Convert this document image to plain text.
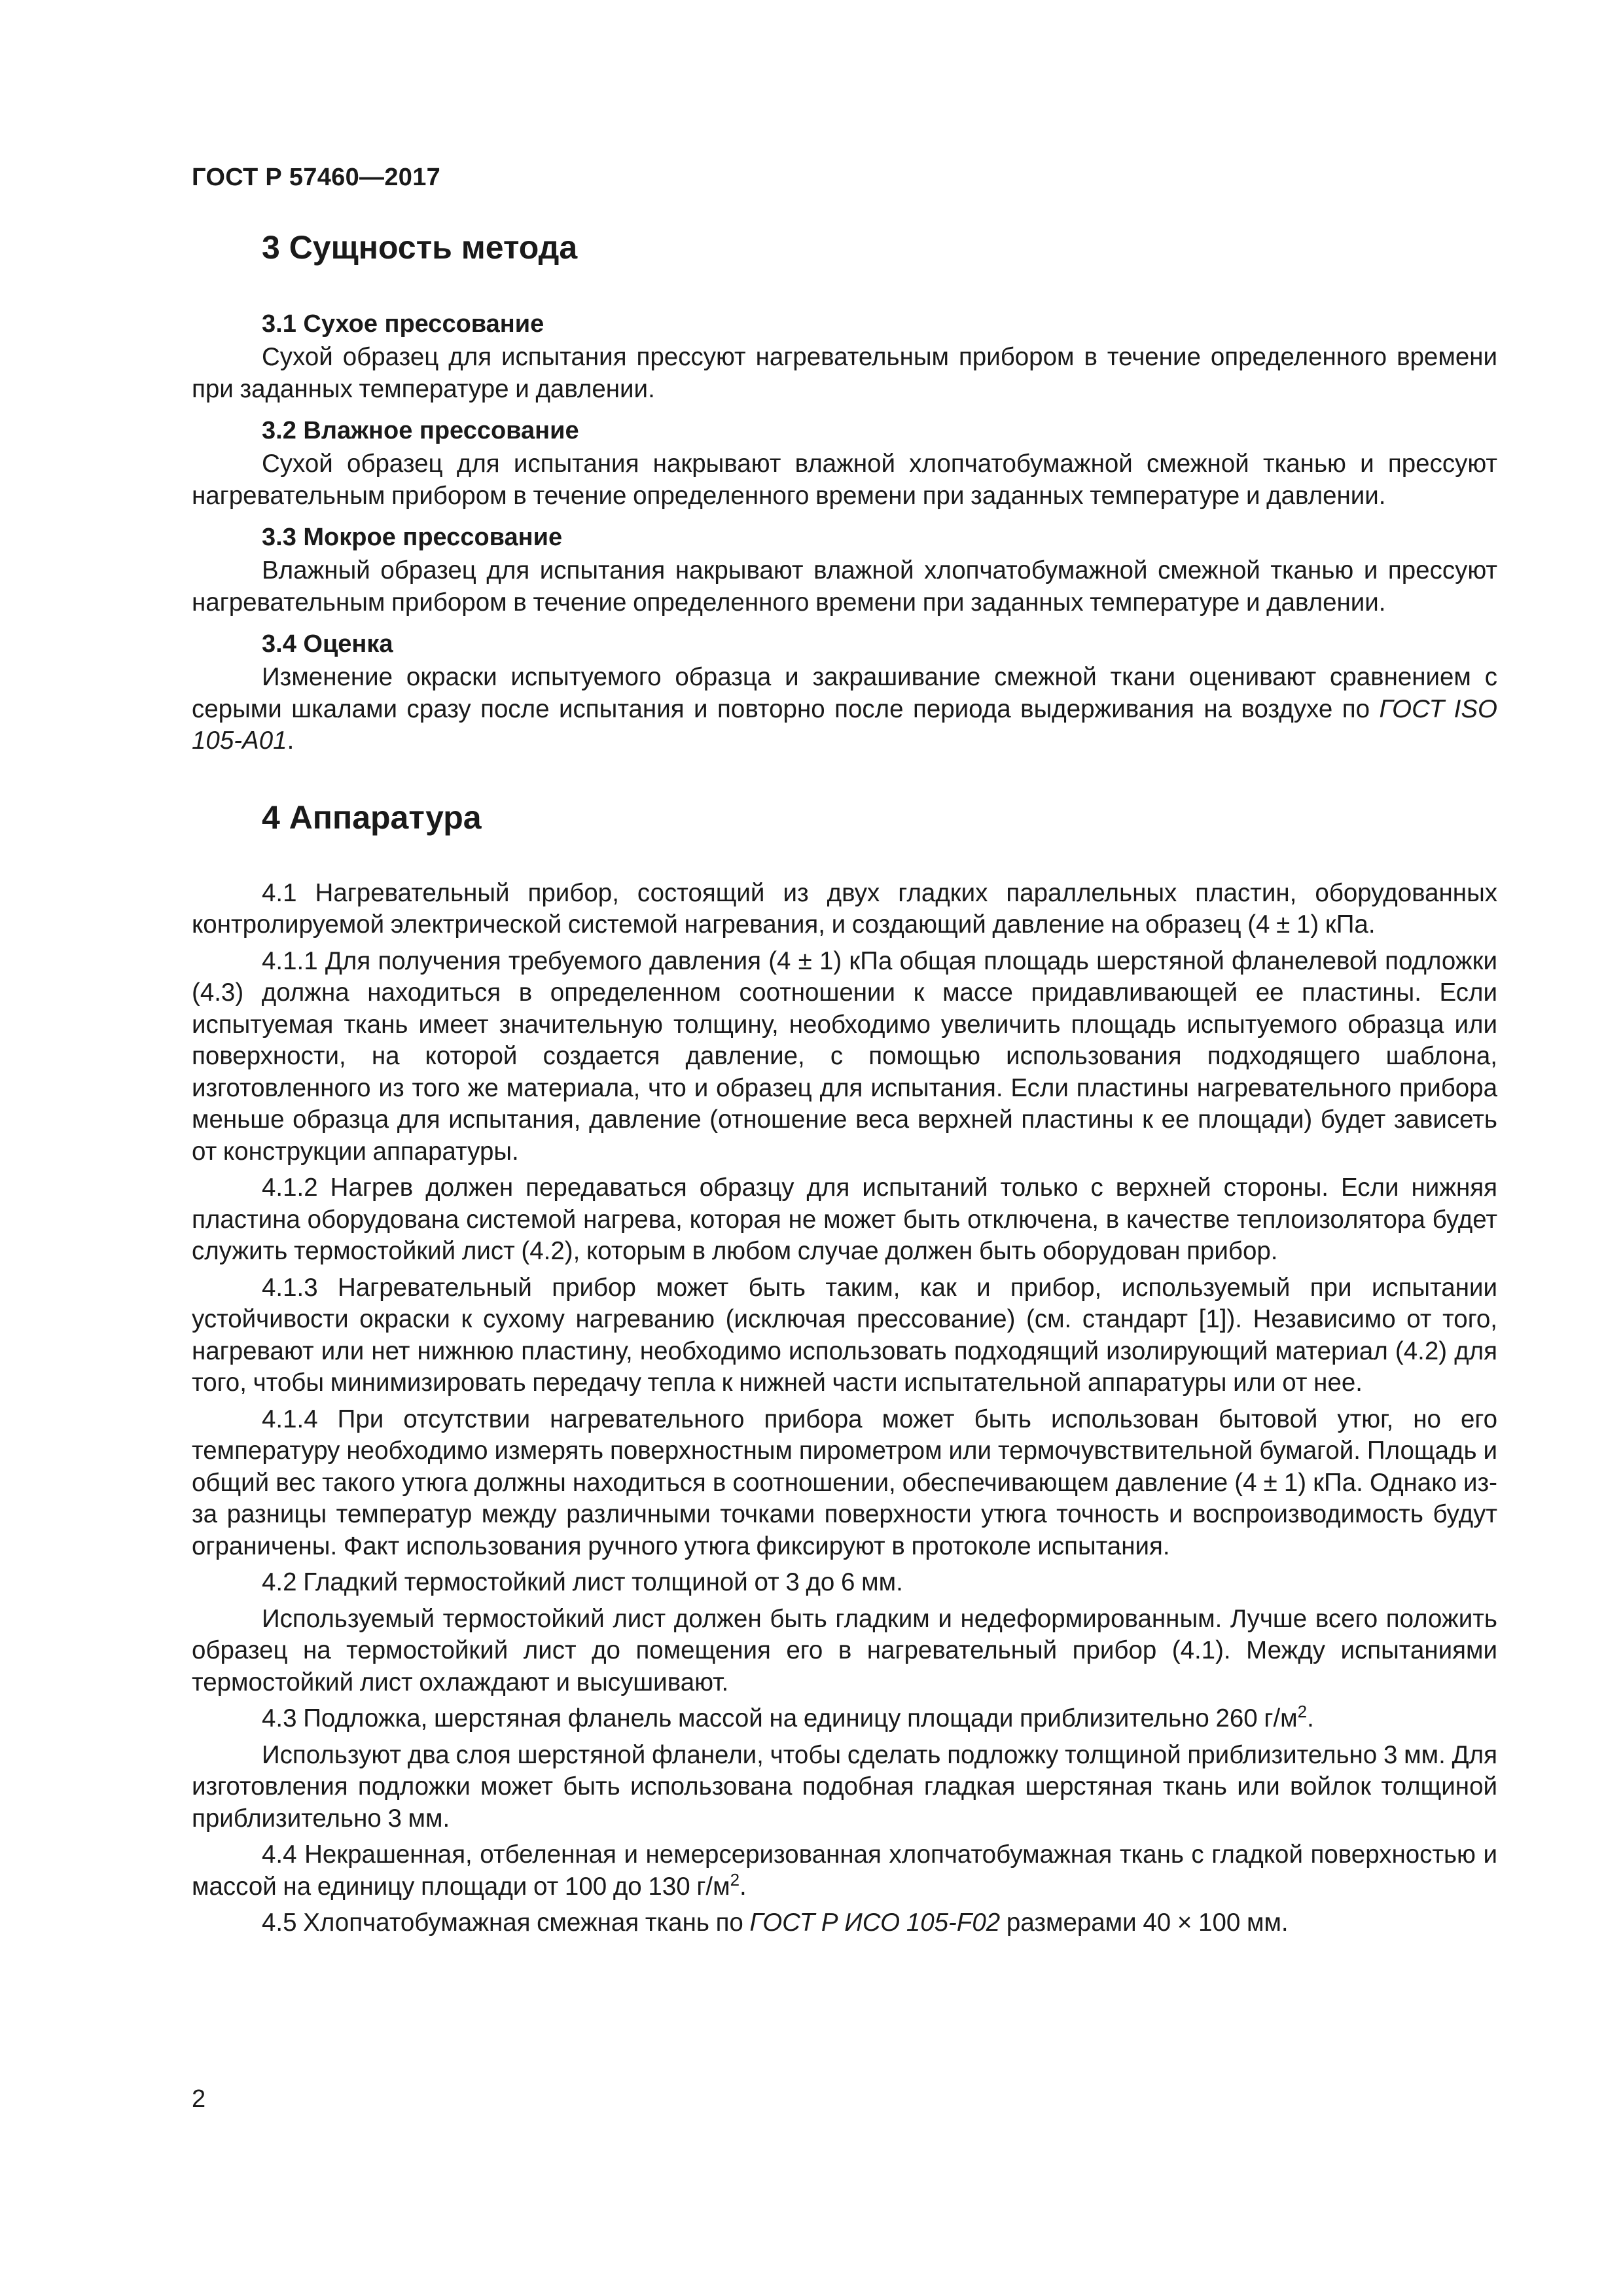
ГОСТ Р 57460—2017
3 Сущность метода
3.1 Сухое прессование

Сухой образец для испытания прессуют нагревательным прибором в течение определенного времени при заданных температуре и давлении.

3.2 Влажное прессование

Сухой образец для испытания накрывают влажной хлопчатобумажной смежной тканью и прессуют нагревательным прибором в течение определенного времени при заданных температуре и давлении.

3.3 Мокрое прессование

Влажный образец для испытания накрывают влажной хлопчатобумажной смежной тканью и прессуют нагревательным прибором в течение определенного времени при заданных температуре и давлении.

3.4 Оценка

Изменение окраски испытуемого образца и закрашивание смежной ткани оценивают сравнением с серыми шкалами сразу после испытания и повторно после периода выдерживания на воздухе по ГОСТ ISO 105-A01.

4 Аппаратура

4.1 Нагревательный прибор, состоящий из двух гладких параллельных пластин, оборудованных контролируемой электрической системой нагревания, и создающий давление на образец (4 ± 1) кПа.

4.1.1 Для получения требуемого давления (4 ± 1) кПа общая площадь шерстяной фланелевой подложки (4.3) должна находиться в определенном соотношении к массе придавливающей ее пластины. Если испытуемая ткань имеет значительную толщину, необходимо увеличить площадь испытуемого образца или поверхности, на которой создается давление, с помощью использования подходящего шаблона, изготовленного из того же материала, что и образец для испытания. Если пластины нагревательного прибора меньше образца для испытания, давление (отношение веса верхней пластины к ее площади) будет зависеть от конструкции аппаратуры.

4.1.2 Нагрев должен передаваться образцу для испытаний только с верхней стороны. Если нижняя пластина оборудована системой нагрева, которая не может быть отключена, в качестве теплоизолятора будет служить термостойкий лист (4.2), которым в любом случае должен быть оборудован прибор.

4.1.3 Нагревательный прибор может быть таким, как и прибор, используемый при испытании устойчивости окраски к сухому нагреванию (исключая прессование) (см. стандарт [1]). Независимо от того, нагревают или нет нижнюю пластину, необходимо использовать подходящий изолирующий материал (4.2) для того, чтобы минимизировать передачу тепла к нижней части испытательной аппаратуры или от нее.

4.1.4 При отсутствии нагревательного прибора может быть использован бытовой утюг, но его температуру необходимо измерять поверхностным пирометром или термочувствительной бумагой. Площадь и общий вес такого утюга должны находиться в соотношении, обеспечивающем давление (4 ± 1) кПа. Однако из-за разницы температур между различными точками поверхности утюга точность и воспроизводимость будут ограничены. Факт использования ручного утюга фиксируют в протоколе испытания.

4.2 Гладкий термостойкий лист толщиной от 3 до 6 мм.

Используемый термостойкий лист должен быть гладким и недеформированным. Лучше всего положить образец на термостойкий лист до помещения его в нагревательный прибор (4.1). Между испытаниями термостойкий лист охлаждают и высушивают.

4.3 Подложка, шерстяная фланель массой на единицу площади приблизительно 260 $г/м^2$.

Используют два слоя шерстяной фланели, чтобы сделать подложку толщиной приблизительно 3 мм. Для изготовления подложки может быть использована подобная гладкая шерстяная ткань или войлок толщиной приблизительно 3 мм.

4.4 Некрашенная, отбеленная и немерсеризованная хлопчатобумажная ткань с гладкой поверхностью и массой на единицу площади от 100 до 130 $г/м^2$.

4.5 Хлопчатобумажная смежная ткань по ГОСТ Р ИСО 105-F02 размерами 40 × 100 мм.

2
